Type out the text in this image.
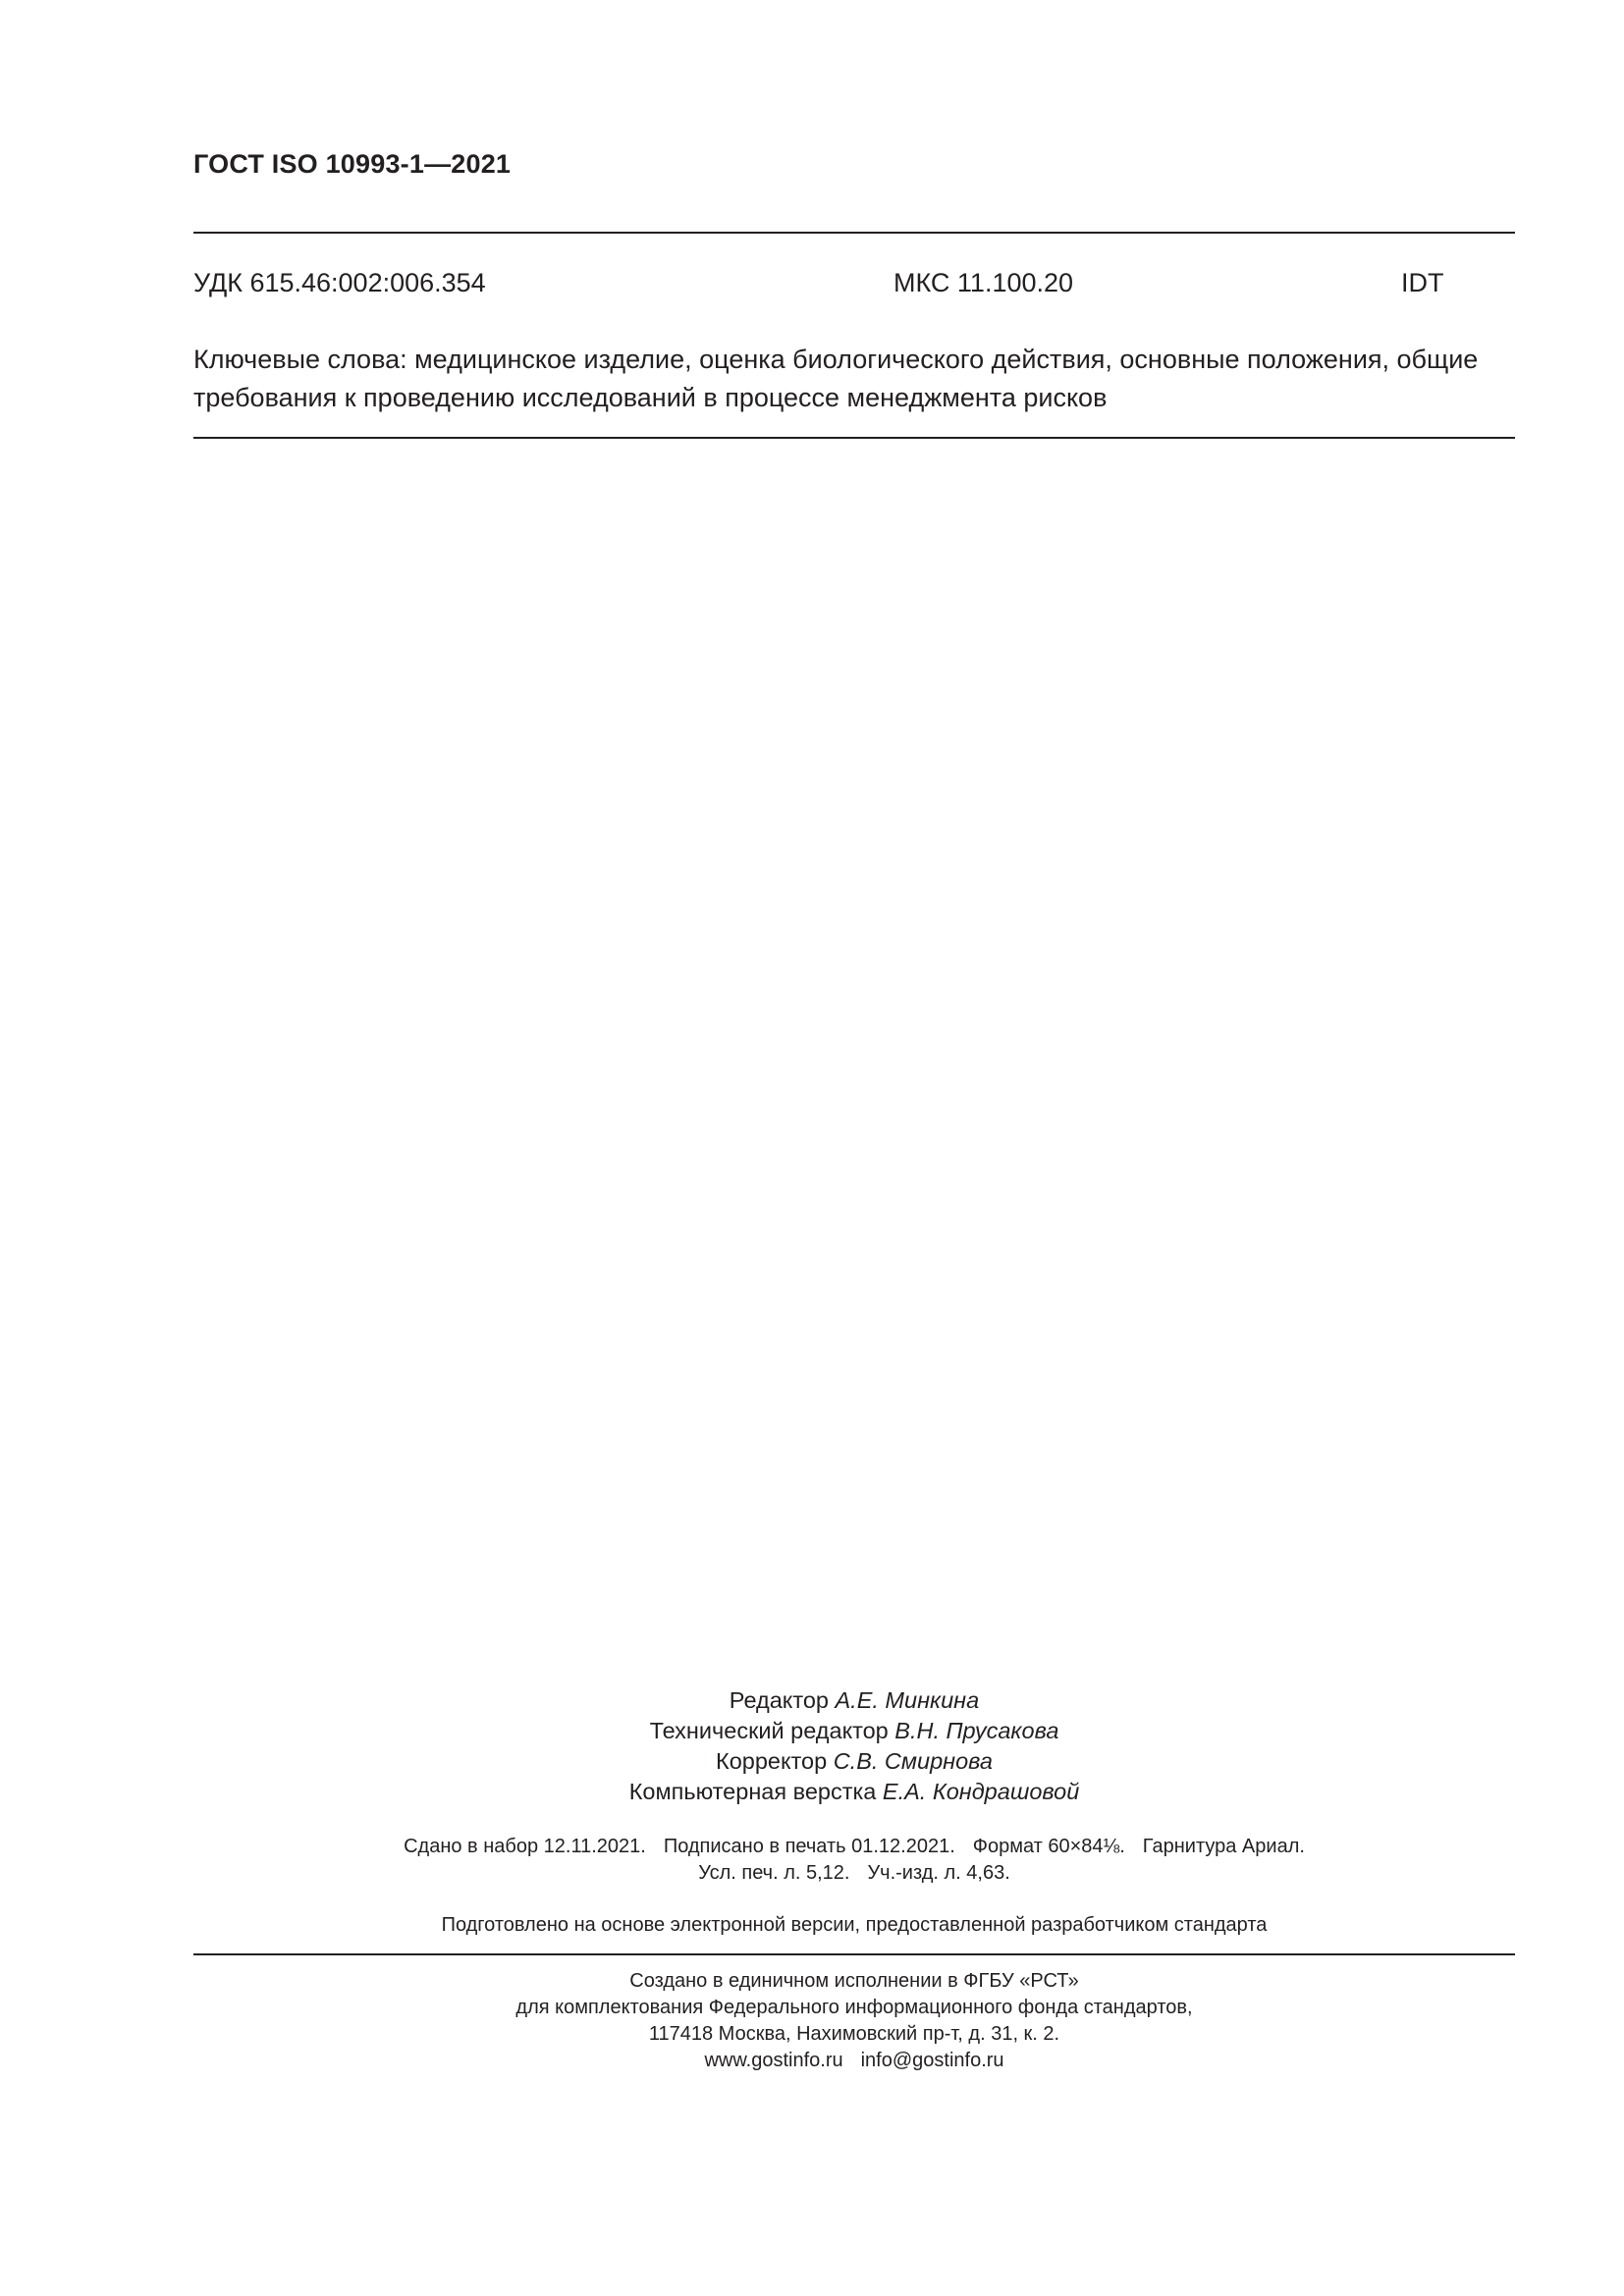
ГОСТ ISO 10993-1—2021
УДК 615.46:002:006.354	МКС 11.100.20	IDT
Ключевые слова: медицинское изделие, оценка биологического действия, основные положения, общие
требования к проведению исследований в процессе менеджмента рисков
Редактор А.Е. Минкина
Технический редактор В.Н. Прусакова
Корректор С.В. Смирнова
Компьютерная верстка Е.А. Кондрашовой
Сдано в набор 12.11.2021. Подписано в печать 01.12.2021. Формат 60×84⅛. Гарнитура Ариал.
Усл. печ. л. 5,12. Уч.-изд. л. 4,63.
Подготовлено на основе электронной версии, предоставленной разработчиком стандарта
Создано в единичном исполнении в ФГБУ «РСТ»
для комплектования Федерального информационного фонда стандартов,
117418 Москва, Нахимовский пр-т, д. 31, к. 2.
www.gostinfo.ru info@gostinfo.ru
